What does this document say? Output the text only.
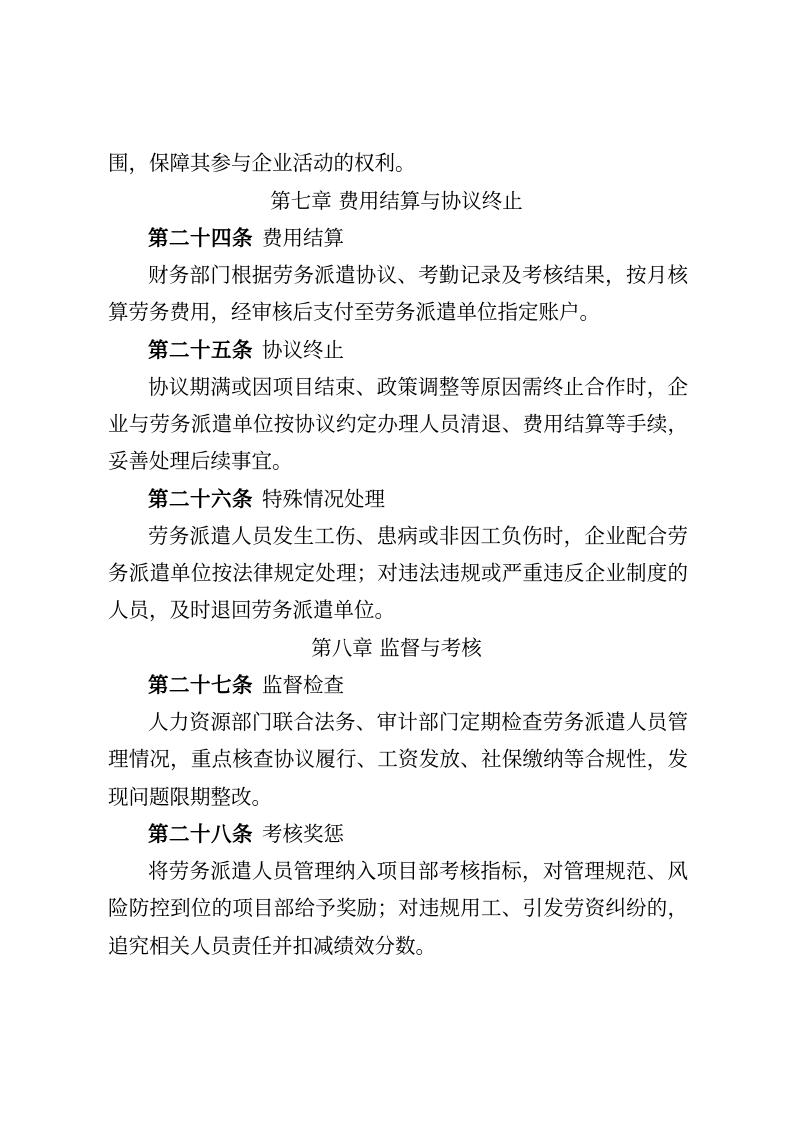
围，保障其参与企业活动的权利。
第七章 费用结算与协议终止
第二十四条 费用结算
财务部门根据劳务派遣协议、考勤记录及考核结果，按月核
算劳务费用，经审核后支付至劳务派遣单位指定账户。
第二十五条 协议终止
协议期满或因项目结束、政策调整等原因需终止合作时，企
业与劳务派遣单位按协议约定办理人员清退、费用结算等手续，
妥善处理后续事宜。
第二十六条 特殊情况处理
劳务派遣人员发生工伤、患病或非因工负伤时，企业配合劳
务派遣单位按法律规定处理；对违法违规或严重违反企业制度的
人员，及时退回劳务派遣单位。
第八章 监督与考核
第二十七条 监督检查
人力资源部门联合法务、审计部门定期检查劳务派遣人员管
理情况，重点核查协议履行、工资发放、社保缴纳等合规性，发
现问题限期整改。
第二十八条 考核奖惩
将劳务派遣人员管理纳入项目部考核指标，对管理规范、风
险防控到位的项目部给予奖励；对违规用工、引发劳资纠纷的，
追究相关人员责任并扣减绩效分数。
